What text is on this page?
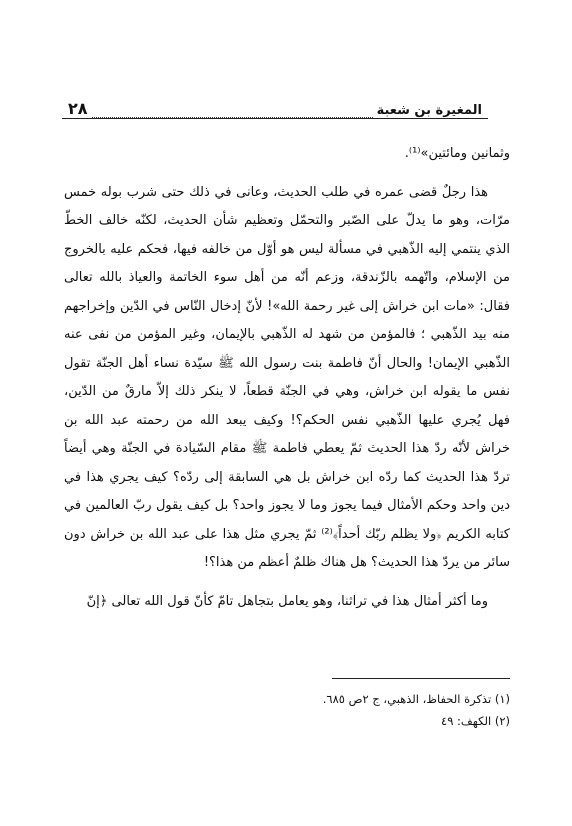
المغيرة بن شعبة
٢٨

وثمانين ومائتين»⁽¹⁾.

هذا رجلٌ قضى عمره في طلب الحديث، وعانى في ذلك حتى شرب بوله خمس مرّات، وهو ما يدلّ على الصّبر والتحمّل وتعظيم شأن الحديث، لكنّه خالف الخطّ الذي ينتمي إليه الذّهبي في مسألة ليس هو أوّل من خالفه فيها، فحكم عليه بالخروج من الإسلام، واتّهمه بالزّندقة، وزعم أنّه من أهل سوء الخاتمة والعياذ بالله تعالى فقال: «مات ابن خراش إلى غير رحمة الله»! لأنّ إدخال النّاس في الدّين وإخراجهم منه بيد الذّهبي ؛ فالمؤمن من شهد له الذّهبي بالإيمان، وغير المؤمن من نفى عنه الذّهبي الإيمان! والحال أنّ فاطمة بنت رسول الله ﷺ سيّدة نساء أهل الجنّة تقول نفس ما يقوله ابن خراش، وهي في الجنّة قطعاً، لا ينكر ذلك إلاّ مارقٌ من الدّين، فهل يُجري عليها الذّهبي نفس الحكم؟! وكيف يبعد الله من رحمته عبد الله بن خراش لأنّه ردّ هذا الحديث ثمّ يعطي فاطمة ﷺ مقام السّيادة في الجنّة وهي أيضاً تردّ هذا الحديث كما ردّه ابن خراش بل هي السابقة إلى ردّه؟ كيف يجري هذا في دين واحد وحكم الأمثال فيما يجوز وما لا يجوز واحد؟ بل كيف يقول ربّ العالمين في كتابه الكريم ﴿ولا يظلم ربّك أحداً﴾⁽²⁾ ثمّ يجري مثل هذا على عبد الله بن خراش دون سائر من يردّ هذا الحديث؟ هل هناك ظلمٌ أعظم من هذا؟!

وما أكثر أمثال هذا في تراثنا، وهو يعامل بتجاهل تامّ كأنّ قول الله تعالى ﴿إنّ

(١) تذكرة الحفاظ، الذهبي، ج ٢ص ٦٨٥.
(٢) الكهف: ٤٩
